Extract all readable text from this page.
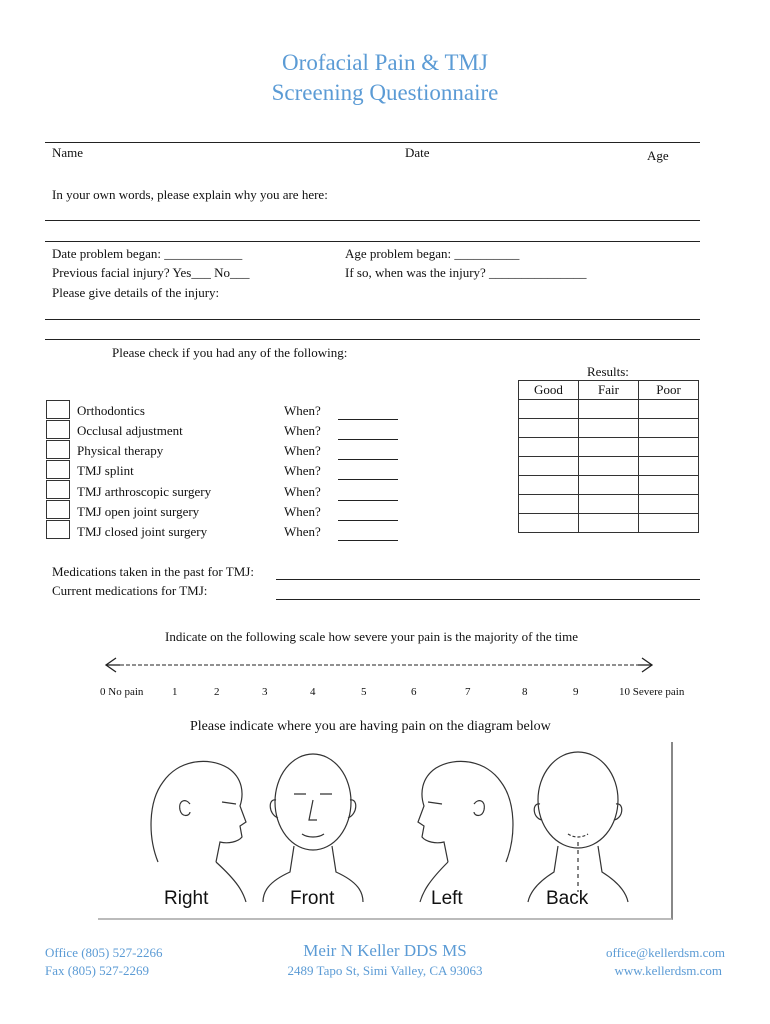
Orofacial Pain & TMJ
Screening Questionnaire
Name	Date	Age
In your own words, please explain why you are here:
Date problem began: ____________	Age problem began: __________
Previous facial injury? Yes___ No___	If so, when was the injury? _______________
Please give details of the injury:
Please check if you had any of the following:
Results:
Orthodontics	When?
Occlusal adjustment	When?
Physical therapy	When?
TMJ splint	When?
TMJ arthroscopic surgery	When?
TMJ open joint surgery	When?
TMJ closed joint surgery	When?
Good	Fair	Poor

Medications taken in the past for TMJ:
Current medications for TMJ:
Indicate on the following scale how severe your pain is the majority of the time
0 No pain	1	2	3	4	5	6	7	8	9	10 Severe pain
Please indicate where you are having pain on the diagram below
Right	Front	Left	Back
Office (805) 527-2266
Fax (805) 527-2269
Meir N Keller DDS MS
2489 Tapo St, Simi Valley, CA 93063
office@kellerdsm.com
www.kellerdsm.com
